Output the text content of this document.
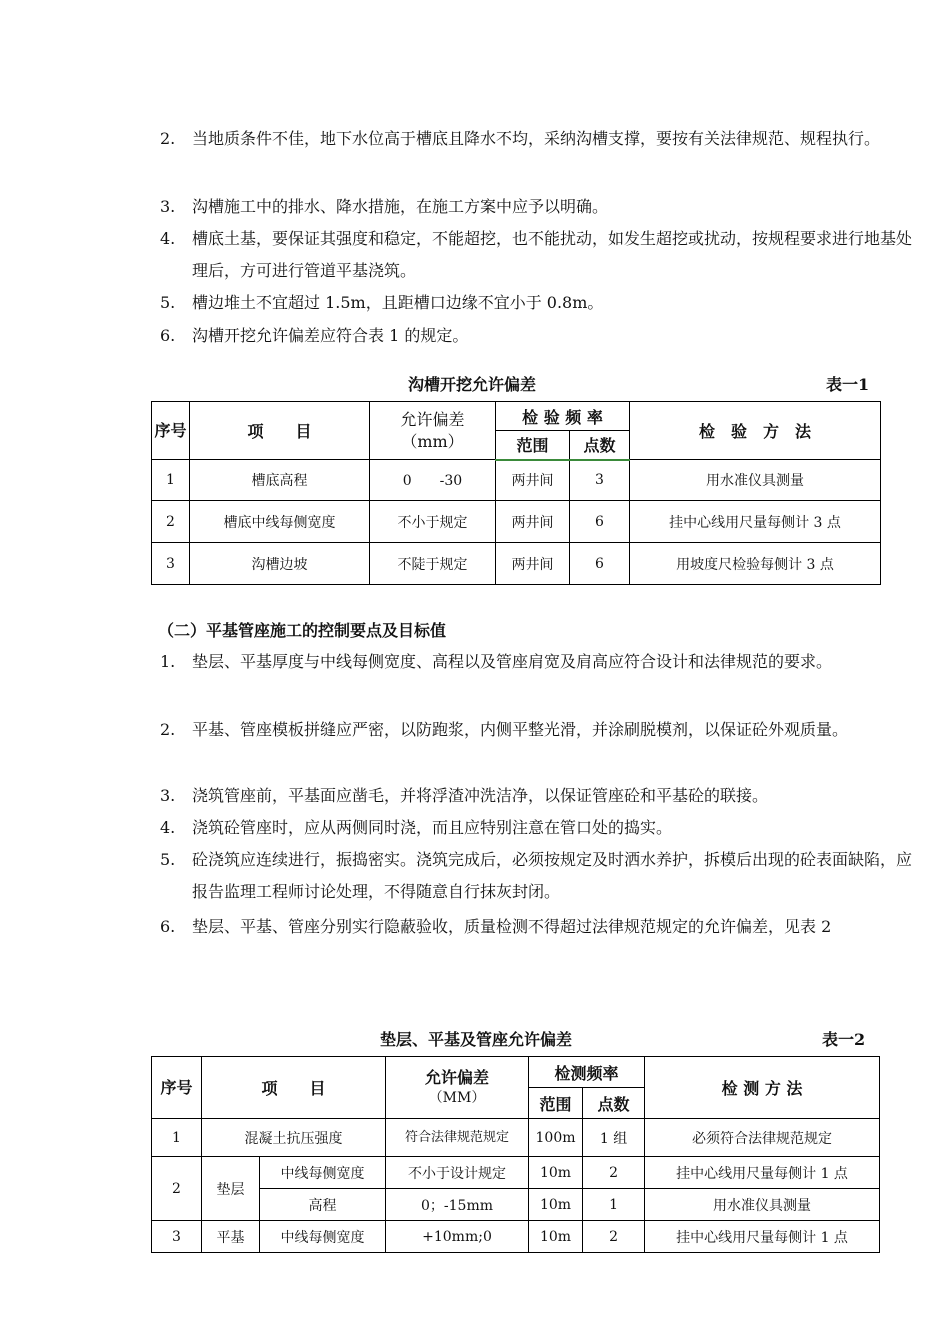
2. 当地质条件不佳，地下水位高于槽底且降水不均，采纳沟槽支撑，要按有关法律规范、规程执行。
3. 沟槽施工中的排水、降水措施，在施工方案中应予以明确。
4. 槽底土基，要保证其强度和稳定，不能超挖，也不能扰动，如发生超挖或扰动，按规程要求进行地基处理后，方可进行管道平基浇筑。
5. 槽边堆土不宜超过 1.5m，且距槽口边缘不宜小于 0.8m。
6. 沟槽开挖允许偏差应符合表 1 的规定。
沟槽开挖允许偏差	表一1
序号	项　　目	允许偏差
（mm）	检 验 频 率		检　验　方　法
			范围	点数	
1	槽底高程	0　　-30	两井间	3	用水准仪具测量
2	槽底中线每侧宽度	不小于规定	两井间	6	挂中心线用尺量每侧计 3 点
3	沟槽边坡	不陡于规定	两井间	6	用坡度尺检验每侧计 3 点
（二）平基管座施工的控制要点及目标值
1. 垫层、平基厚度与中线每侧宽度、高程以及管座肩宽及肩高应符合设计和法律规范的要求。
2. 平基、管座模板拼缝应严密，以防跑浆，内侧平整光滑，并涂刷脱模剂，以保证砼外观质量。
3. 浇筑管座前，平基面应凿毛，并将浮渣冲洗洁净，以保证管座砼和平基砼的联接。
4. 浇筑砼管座时，应从两侧同时浇，而且应特别注意在管口处的捣实。
5. 砼浇筑应连续进行，振捣密实。浇筑完成后，必须按规定及时洒水养护，拆模后出现的砼表面缺陷，应报告监理工程师讨论处理，不得随意自行抹灰封闭。
6. 垫层、平基、管座分别实行隐蔽验收，质量检测不得超过法律规范规定的允许偏差，见表 2
垫层、平基及管座允许偏差	表一2
序号	项　　目		允许偏差
（MM）	检测频率		检 测 方 法
				范围	点数	
1	混凝土抗压强度		符合法律规范规定	100m	1 组	必须符合法律规范规定
2	垫层	中线每侧宽度	不小于设计规定	10m	2	挂中心线用尺量每侧计 1 点
		高程	0；-15mm	10m	1	用水准仪具测量
3	平基	中线每侧宽度	+10mm;0	10m	2	挂中心线用尺量每侧计 1 点
